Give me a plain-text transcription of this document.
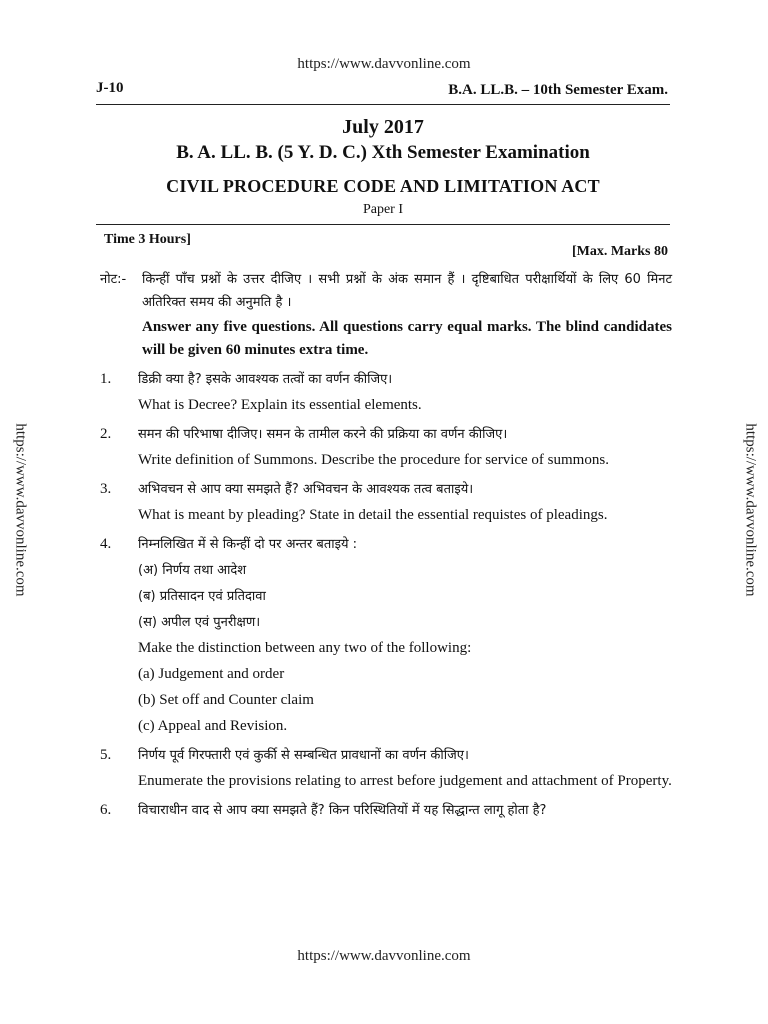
https://www.davvonline.com
https://www.davvonline.com	https://www.davvonline.com
J-10	B.A. LL.B. – 10th Semester Exam.
July 2017
B. A. LL. B. (5 Y. D. C.) Xth Semester Examination
CIVIL PROCEDURE CODE AND LIMITATION ACT
Paper I
Time 3 Hours]
[Max. Marks 80
नोट:-	किन्हीं पाँच प्रश्नों के उत्तर दीजिए । सभी प्रश्नों के अंक समान हैं । दृष्टिबाधित परीक्षार्थियों के लिए 60 मिनट अतिरिक्त समय की अनुमति है ।
Answer any five questions. All questions carry equal marks. The blind candidates will be given 60 minutes extra time.
1.	डिक्री क्या है? इसके आवश्यक तत्वों का वर्णन कीजिए।
What is Decree? Explain its essential elements.
2.	समन की परिभाषा दीजिए। समन के तामील करने की प्रक्रिया का वर्णन कीजिए।
Write definition of Summons. Describe the procedure for service of summons.
3.	अभिवचन से आप क्या समझते हैं? अभिवचन के आवश्यक तत्व बताइये।
What is meant by pleading? State in detail the essential requistes of pleadings.
4.	निम्नलिखित में से किन्हीं दो पर अन्तर बताइये :
(अ) निर्णय तथा आदेश
(ब) प्रतिसादन एवं प्रतिदावा
(स) अपील एवं पुनरीक्षण।
Make the distinction between any two of the following:
(a) Judgement and order
(b) Set off and Counter claim
(c) Appeal and Revision.
5.	निर्णय पूर्व गिरफ्तारी एवं कुर्की से सम्बन्धित प्रावधानों का वर्णन कीजिए।
Enumerate the provisions relating to arrest before judgement and attachment of Property.
6.	विचाराधीन वाद से आप क्या समझते हैं? किन परिस्थितियों में यह सिद्धान्त लागू होता है?
https://www.davvonline.com
